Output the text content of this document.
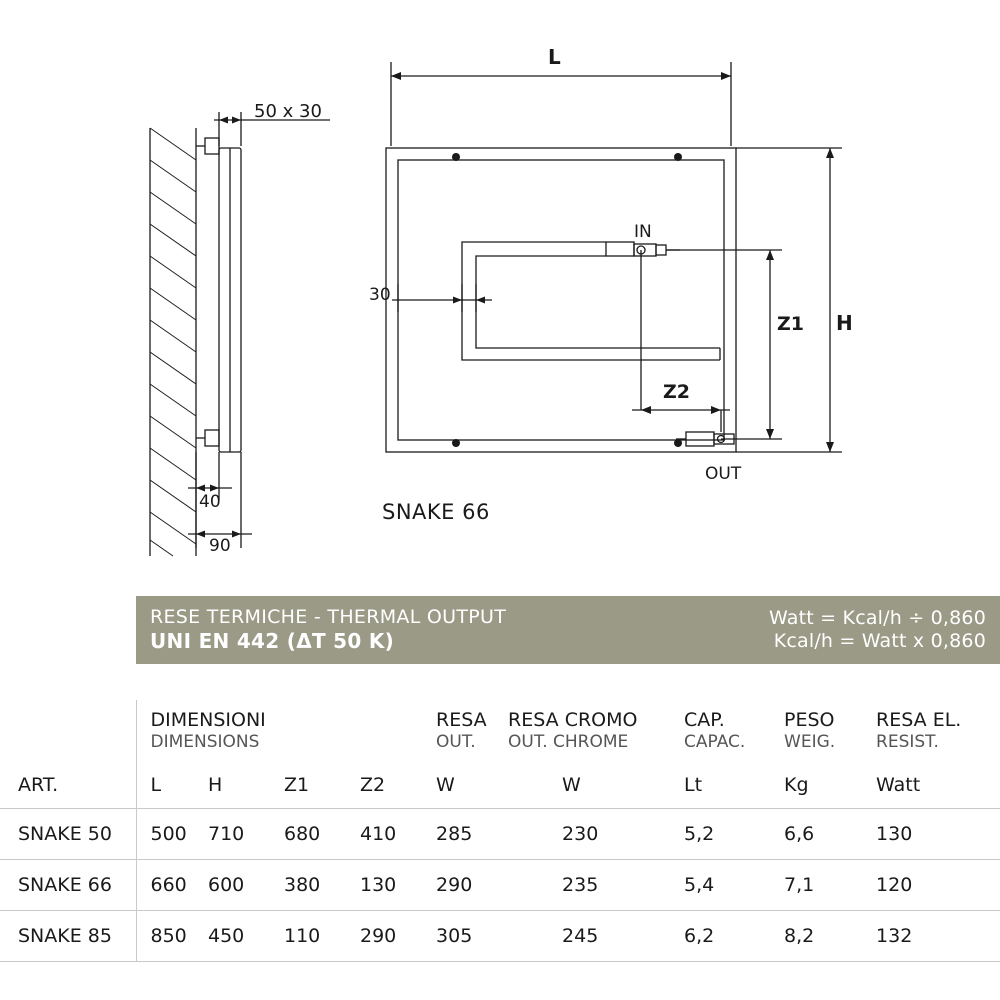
50 x 30
40
90
L
H
Z1
Z2
30
IN
OUT
SNAKE 66
RESE TERMICHE - THERMAL OUTPUT
UNI EN 442 (ΔT 50 K)
Watt = Kcal/h ÷ 0,860
Kcal/h = Watt x 0,860

DIMENSIONI
DIMENSIONS

RESA
OUT.

RESA CROMO
OUT. CHROME

CAP.
CAPAC.

PESO
WEIG.

RESA EL.
RESIST.

ART.	L	H	Z1	Z2	W	W	Lt	Kg	Watt
SNAKE 50	500	710	680	410	285	230	5,2	6,6	130
SNAKE 66	660	600	380	130	290	235	5,4	7,1	120
SNAKE 85	850	450	110	290	305	245	6,2	8,2	132
